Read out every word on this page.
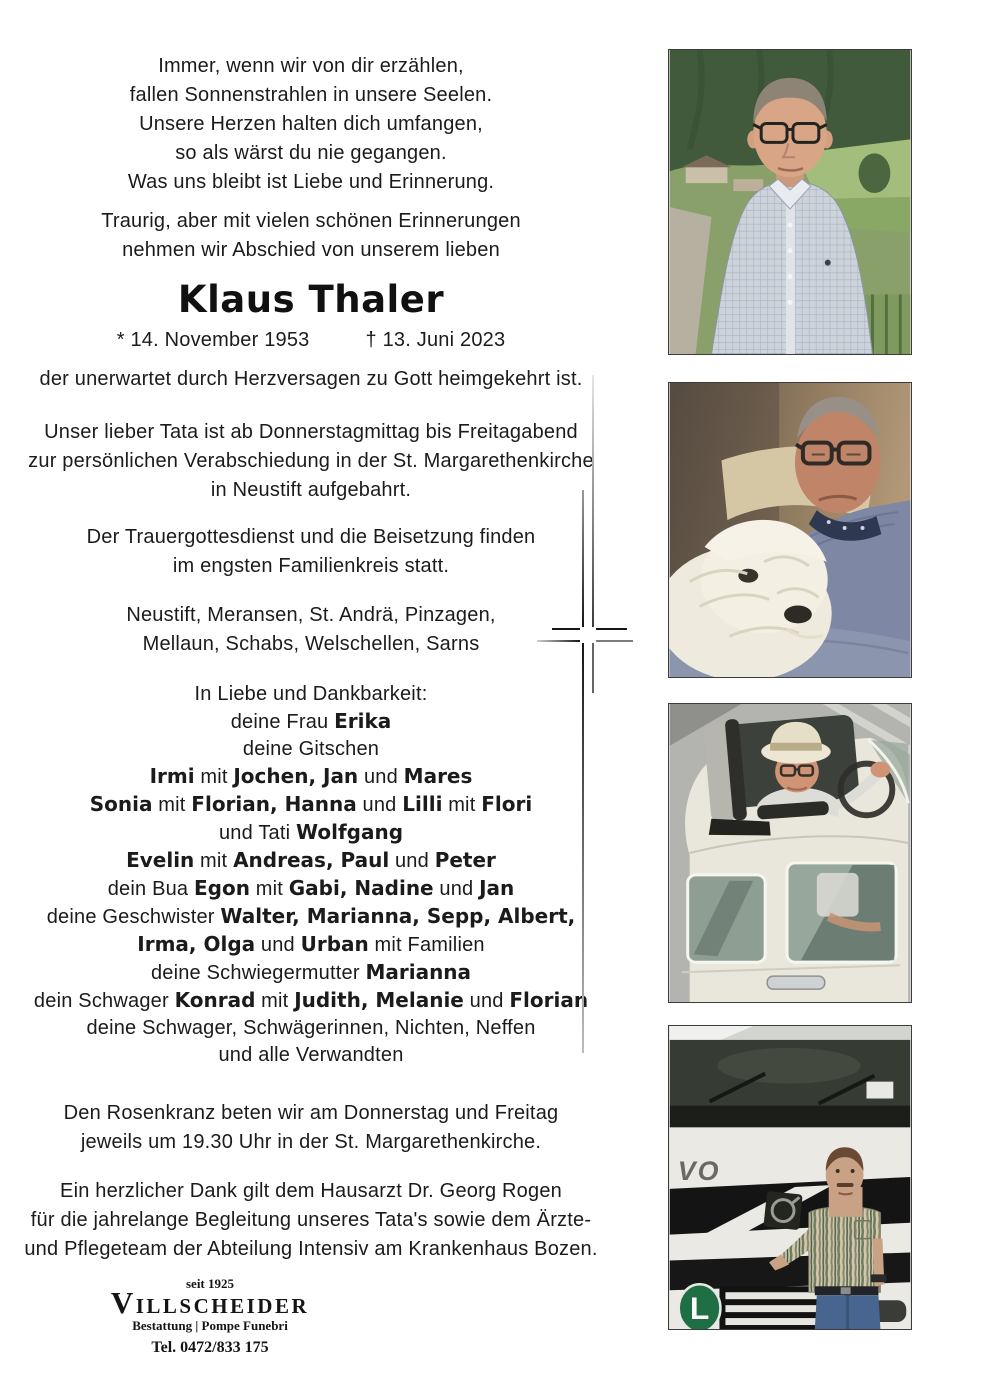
Immer, wenn wir von dir erzählen,
fallen Sonnenstrahlen in unsere Seelen.
Unsere Herzen halten dich umfangen,
so als wärst du nie gegangen.
Was uns bleibt ist Liebe und Erinnerung.
Traurig, aber mit vielen schönen Erinnerungen
nehmen wir Abschied von unserem lieben
Klaus Thaler
* 14. November 1953	† 13. Juni 2023
der unerwartet durch Herzversagen zu Gott heimgekehrt ist.
Unser lieber Tata ist ab Donnerstagmittag bis Freitagabend
zur persönlichen Verabschiedung in der St. Margarethenkirche
in Neustift aufgebahrt.
Der Trauergottesdienst und die Beisetzung finden
im engsten Familienkreis statt.
Neustift, Meransen, St. Andrä, Pinzagen,
Mellaun, Schabs, Welschellen, Sarns
In Liebe und Dankbarkeit:
deine Frau Erika
deine Gitschen
Irmi mit Jochen, Jan und Mares
Sonia mit Florian, Hanna und Lilli mit Flori
und Tati Wolfgang
Evelin mit Andreas, Paul und Peter
dein Bua Egon mit Gabi, Nadine und Jan
deine Geschwister Walter, Marianna, Sepp, Albert,
Irma, Olga und Urban mit Familien
deine Schwiegermutter Marianna
dein Schwager Konrad mit Judith, Melanie und Florian
deine Schwager, Schwägerinnen, Nichten, Neffen
und alle Verwandten
Den Rosenkranz beten wir am Donnerstag und Freitag
jeweils um 19.30 Uhr in der St. Margarethenkirche.
Ein herzlicher Dank gilt dem Hausarzt Dr. Georg Rogen
für die jahrelange Begleitung unseres Tata's sowie dem Ärzte-
und Pflegeteam der Abteilung Intensiv am Krankenhaus Bozen.
seit 1925
VILLSCHEIDER
Bestattung | Pompe Funebri
Tel. 0472/833 175
VO
L
